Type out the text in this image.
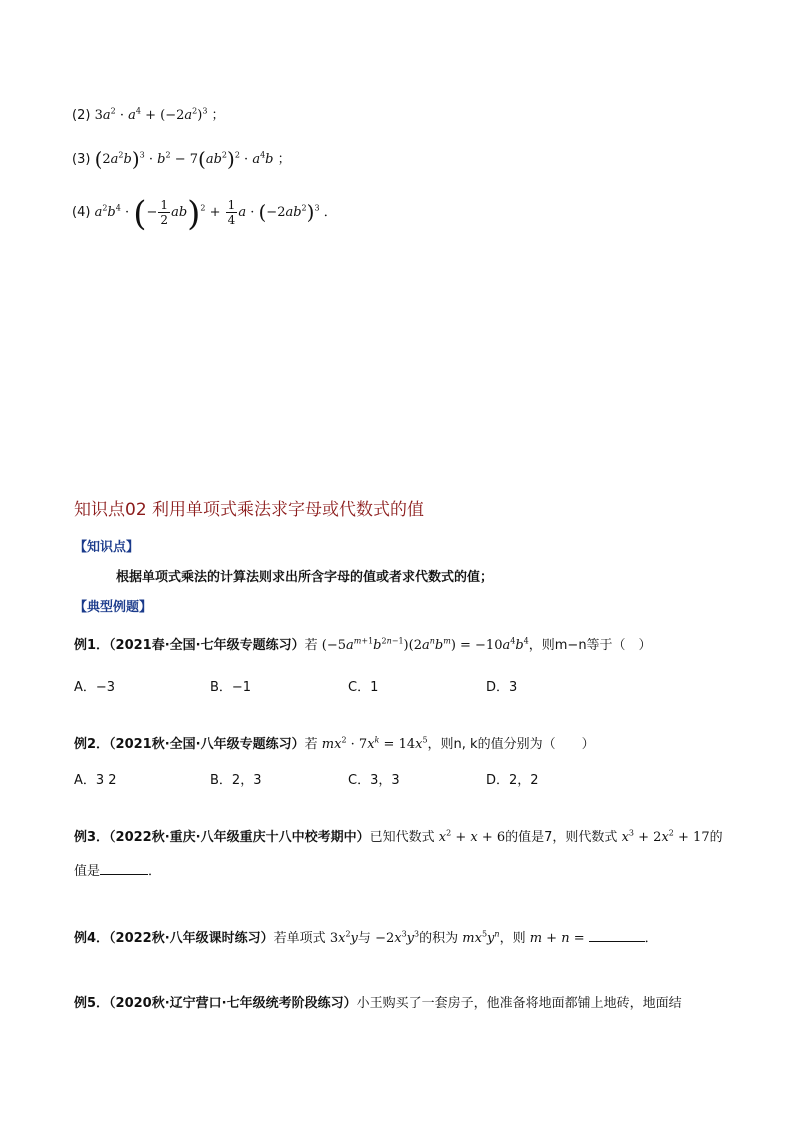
(2) $3a^2 \cdot a^4 + (-2a^2)^3$ ；
(3) $(2a^2b)^3 \cdot b^2 - 7(ab^2)^2 \cdot a^4b$ ；
(4) $a^2b^4$ · (− $\frac{1}{2} ab)^2 + \frac{1}{4}$ $a \cdot (-2ab^2)^3$ ．
知识点02 利用单项式乘法求字母或代数式的值
【知识点】
根据单项式乘法的计算法则求出所含字母的值或者求代数式的值；
【典型例题】
例1．（2021春·全国·七年级专题练习）若 $(-5a^{m+1}b^{2n-1})(2a^nb^m) = -10a^4b^4$，则m−n等于（　）
A．−3	B．−1	C．1	D．3
例2．（2021秋·全国·八年级专题练习）若 $mx^2 \cdot 7x^k = 14x^5$，则n, k的值分别为（　　）
A．3 2	B．2，3	C．3，3	D．2，2
例3．（2022秋·重庆·八年级重庆十八中校考期中）已知代数式 $x^2 + x + 6$的值是7，则代数式 $x^3 + 2x^2 + 17$的
值是	．
例4．（2022秋·八年级课时练习）若单项式 $3x^2y$与 $-2x^3y^3$的积为 $mx^5y^n$，则 m + n =	．
例5．（2020秋·辽宁营口·七年级统考阶段练习）小王购买了一套房子，他准备将地面都铺上地砖，地面结
